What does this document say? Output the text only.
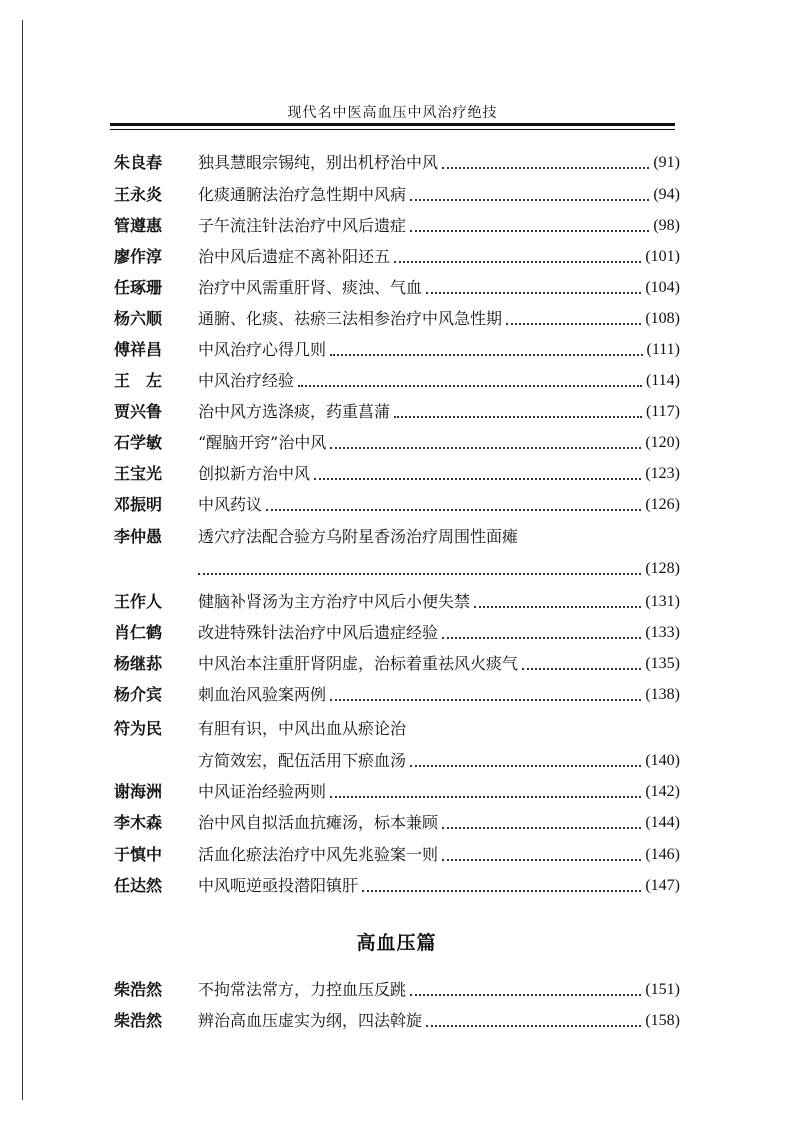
现代名中医高血压中风治疗绝技
朱良春	独具慧眼宗锡纯，别出机杼治中风	(91)
王永炎	化痰通腑法治疗急性期中风病	(94)
管遵惠	子午流注针法治疗中风后遗症	(98)
廖作淳	治中风后遗症不离补阳还五	(101)
任琢珊	治疗中风需重肝肾、痰浊、气血	(104)
杨六顺	通腑、化痰、祛瘀三法相参治疗中风急性期	(108)
傅祥昌	中风治疗心得几则	(111)
王　左	中风治疗经验	(114)
贾兴鲁	治中风方选涤痰，药重菖蒲	(117)
石学敏	“醒脑开窍”治中风	(120)
王宝光	创拟新方治中风	(123)
邓振明	中风药议	(126)
李仲愚	透穴疗法配合验方乌附星香汤治疗周围性面瘫
(128)
王作人	健脑补肾汤为主方治疗中风后小便失禁	(131)
肖仁鹤	改进特殊针法治疗中风后遗症经验	(133)
杨继荪	中风治本注重肝肾阴虚，治标着重祛风火痰气	(135)
杨介宾	刺血治风验案两例	(138)
符为民	有胆有识，中风出血从瘀论治
方简效宏，配伍活用下瘀血汤	(140)
谢海洲	中风证治经验两则	(142)
李木森	治中风自拟活血抗瘫汤，标本兼顾	(144)
于慎中	活血化瘀法治疗中风先兆验案一则	(146)
任达然	中风呃逆亟投潜阳镇肝	(147)
高血压篇
柴浩然	不拘常法常方，力控血压反跳	(151)
柴浩然	辨治高血压虚实为纲，四法斡旋	(158)
